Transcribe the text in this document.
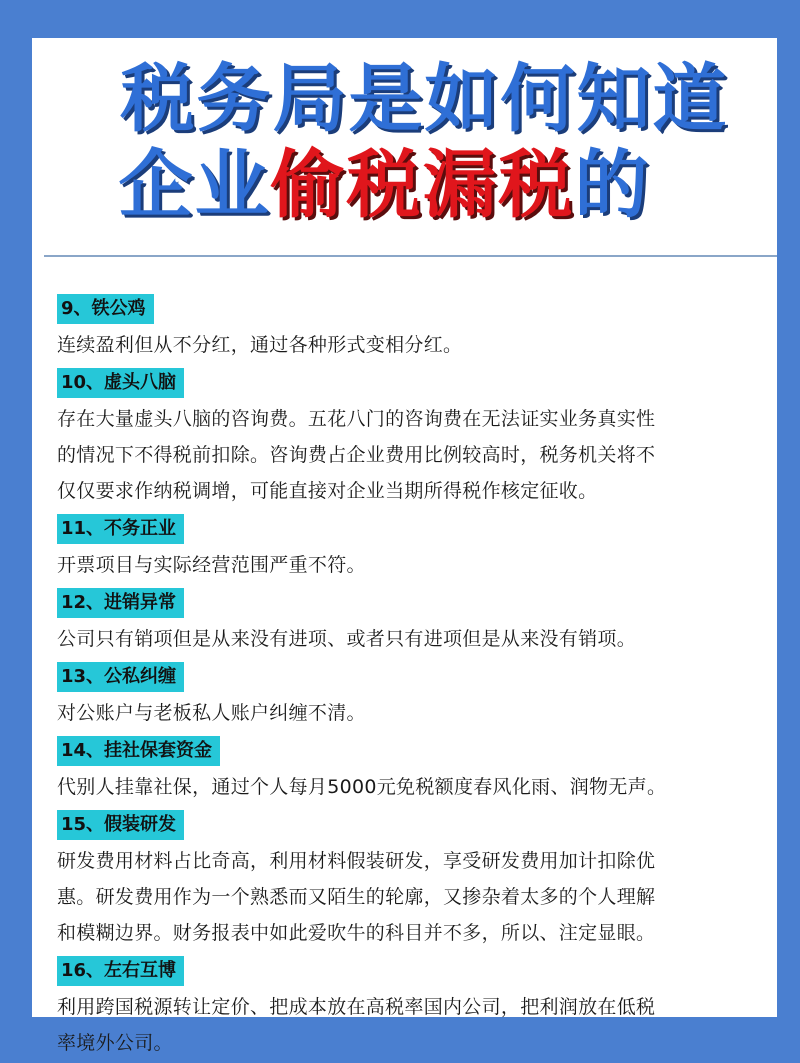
税务局是如何知道
企业偷税漏税的
9、铁公鸡

连续盈利但从不分红，通过各种形式变相分红。

10、虚头八脑

存在大量虚头八脑的咨询费。五花八门的咨询费在无法证实业务真实性
的情况下不得税前扣除。咨询费占企业费用比例较高时，税务机关将不
仅仅要求作纳税调增，可能直接对企业当期所得税作核定征收。

11、不务正业

开票项目与实际经营范围严重不符。

12、进销异常

公司只有销项但是从来没有进项、或者只有进项但是从来没有销项。

13、公私纠缠

对公账户与老板私人账户纠缠不清。

14、挂社保套资金

代别人挂靠社保，通过个人每月5000元免税额度春风化雨、润物无声。

15、假装研发

研发费用材料占比奇高，利用材料假装研发，享受研发费用加计扣除优
惠。研发费用作为一个熟悉而又陌生的轮廓，又掺杂着太多的个人理解
和模糊边界。财务报表中如此爱吹牛的科目并不多，所以、注定显眼。

16、左右互博

利用跨国税源转让定价、把成本放在高税率国内公司，把利润放在低税
率境外公司。
